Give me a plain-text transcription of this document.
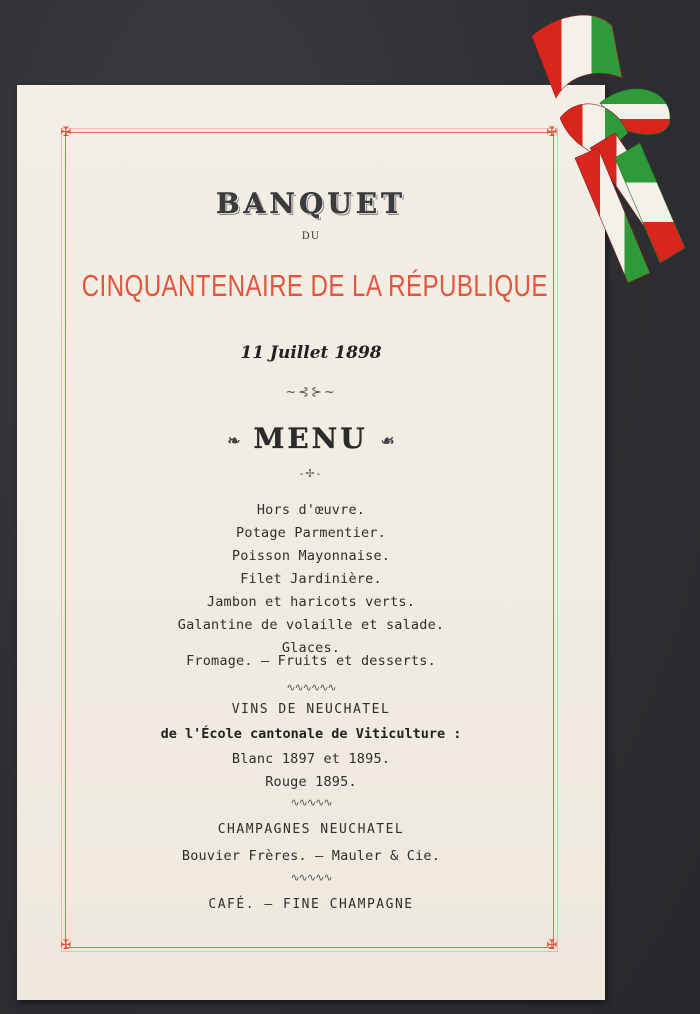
✠	✠
✠	✠
BANQUET
DU
CINQUANTENAIRE DE LA RÉPUBLIQUE
11 Juillet 1898
~⊰⊱~
❧ MENU ☙
-✢-
Hors d'œuvre.
Potage Parmentier.
Poisson Mayonnaise.
Filet Jardinière.
Jambon et haricots verts.
Galantine de volaille et salade.
Glaces.
Fromage. — Fruits et desserts.
∿∿∿∿∿∿
VINS DE NEUCHATEL
de l'École cantonale de Viticulture :
Blanc 1897 et 1895.
Rouge 1895.
∿∿∿∿∿
CHAMPAGNES NEUCHATEL
Bouvier Frères. — Mauler & Cie.
∿∿∿∿∿
CAFÉ. — FINE CHAMPAGNE
